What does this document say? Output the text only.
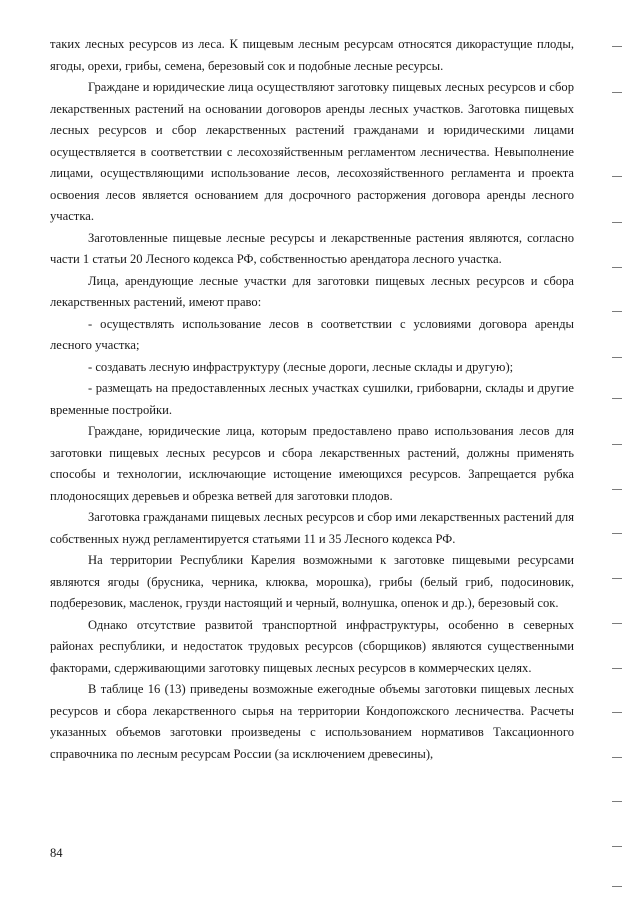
таких лесных ресурсов из леса. К пищевым лесным ресурсам относятся дикорастущие плоды, ягоды, орехи, грибы, семена, березовый сок и подобные лесные ресурсы.

Граждане и юридические лица осуществляют заготовку пищевых лесных ресурсов и сбор лекарственных растений на основании договоров аренды лесных участков. Заготовка пищевых лесных ресурсов и сбор лекарственных растений гражданами и юридическими лицами осуществляется в соответствии с лесохозяйственным регламентом лесничества. Невыполнение лицами, осуществляющими использование лесов, лесохозяйственного регламента и проекта освоения лесов является основанием для досрочного расторжения договора аренды лесного участка.

Заготовленные пищевые лесные ресурсы и лекарственные растения являются, согласно части 1 статьи 20 Лесного кодекса РФ, собственностью арендатора лесного участка.

Лица, арендующие лесные участки для заготовки пищевых лесных ресурсов и сбора лекарственных растений, имеют право:

- осуществлять использование лесов в соответствии с условиями договора аренды лесного участка;

- создавать лесную инфраструктуру (лесные дороги, лесные склады и другую);

- размещать на предоставленных лесных участках сушилки, грибоварни, склады и другие временные постройки.

Граждане, юридические лица, которым предоставлено право использования лесов для заготовки пищевых лесных ресурсов и сбора лекарственных растений, должны применять способы и технологии, исключающие истощение имеющихся ресурсов. Запрещается рубка плодоносящих деревьев и обрезка ветвей для заготовки плодов.

Заготовка гражданами пищевых лесных ресурсов и сбор ими лекарственных растений для собственных нужд регламентируется статьями 11 и 35 Лесного кодекса РФ.

На территории Республики Карелия возможными к заготовке пищевыми ресурсами являются ягоды (брусника, черника, клюква, морошка), грибы (белый гриб, подосиновик, подберезовик, масленок, грузди настоящий и черный, волнушка, опенок и др.), березовый сок.

Однако отсутствие развитой транспортной инфраструктуры, особенно в северных районах республики, и недостаток трудовых ресурсов (сборщиков) являются существенными факторами, сдерживающими заготовку пищевых лесных ресурсов в коммерческих целях.

В таблице 16 (13) приведены возможные ежегодные объемы заготовки пищевых лесных ресурсов и сбора лекарственного сырья на территории Кондопожского лесничества. Расчеты указанных объемов заготовки произведены с использованием нормативов Таксационного справочника по лесным ресурсам России (за исключением древесины),

84
